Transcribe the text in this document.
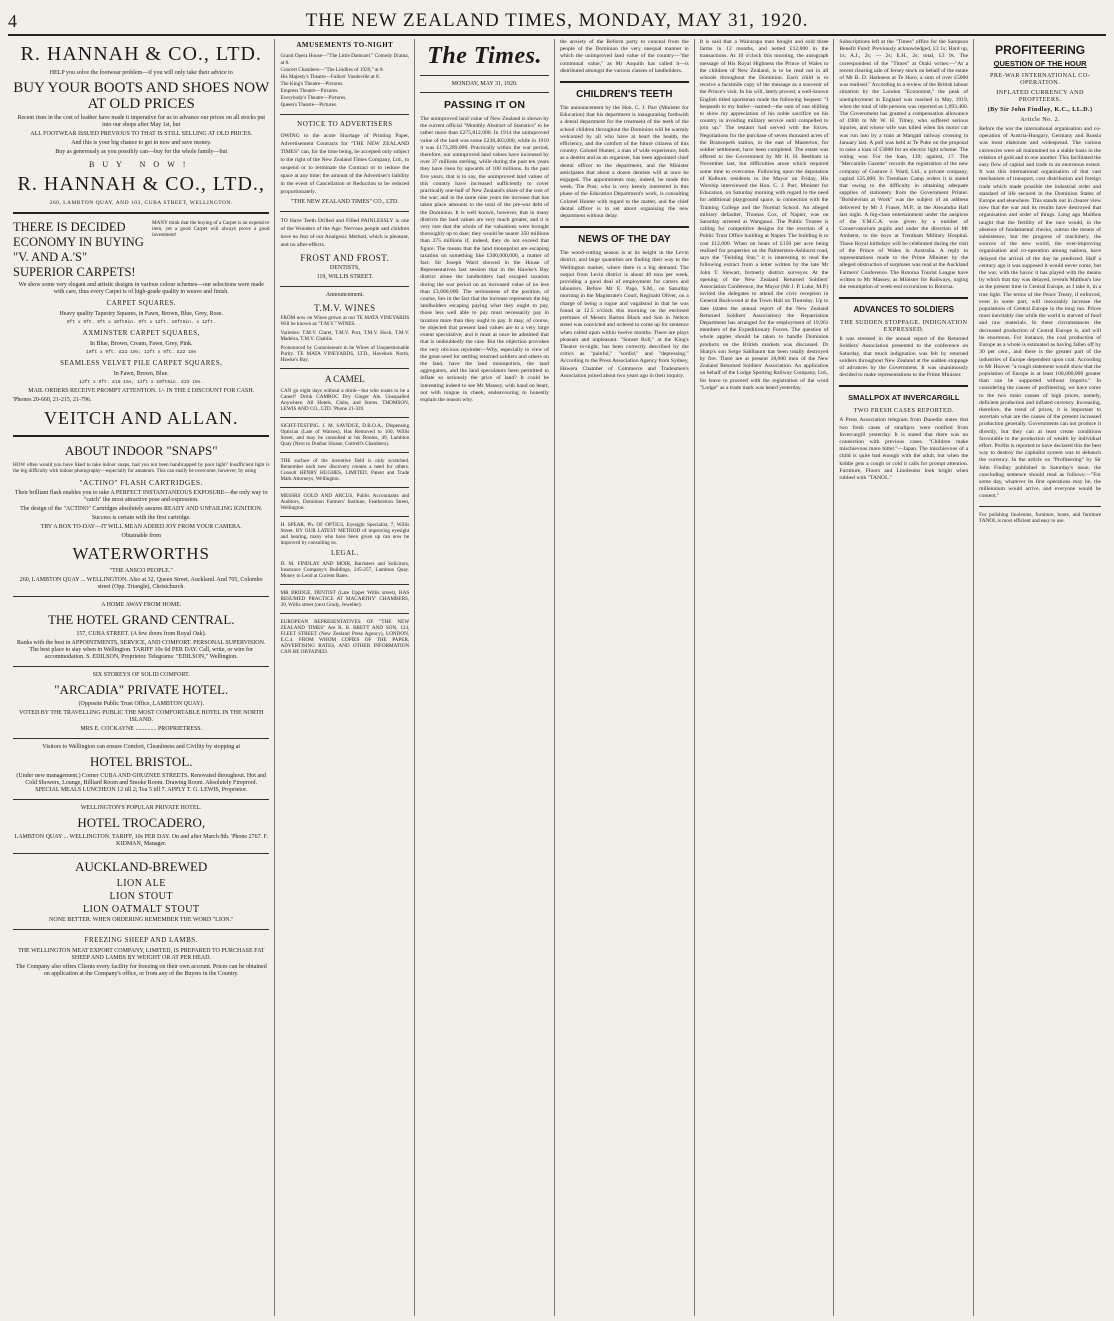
4	THE NEW ZEALAND TIMES, MONDAY, MAY 31, 1920.
R. HANNAH & CO., LTD.

HELP you solve the footwear problem—if you will only take their advice to

BUY YOUR BOOTS AND SHOES NOW AT OLD PRICES

Recent rises in the cost of leather have made it imperative for us to advance our prices on all stocks put into our shops after May 1st, but

ALL FOOTWEAR ISSUED PREVIOUS TO THAT IS STILL SELLING AT OLD PRICES.

And this is your big chance to get in now and save money.

Buy as generously as you possibly can—buy for the whole family—but

BUY NOW!
R. HANNAH & CO., LTD.,
260, LAMBTON QUAY, AND 103, CUBA STREET, WELLINGTON.
THERE IS DECIDED ECONOMY IN BUYING "V. AND A.'S" SUPERIOR CARPETS!

MANY think that the buying of a Carpet is an expensive item, yet a good Carpet will always prove a good investment!

We show some very elegant and artistic designs in various colour schemes—our selections were made with care, thus every Carpet is of high-grade quality in weave and finish.

CARPET SQUARES.

Heavy quality Tapestry Squares, in Fawn, Brown, Blue, Grey, Rose.

9ft x 9ft. 9ft x 10ft6in. 9ft x 12ft. 10ft6in. x 12ft.
AXMINSTER CARPET SQUARES,

In Blue, Brown, Cream, Fawn, Grey, Pink.

10ft x 9ft. £22 10s; 12ft x 9ft. £22 10s
SEAMLESS VELVET PILE CARPET SQUARES,

In Fawn, Brown, Blue.

12ft x 9ft. £19 15s; 12ft x 10ft6in. £23 10s.

MAIL ORDERS RECEIVE PROMPT ATTENTION. 1/- IN THE £ DISCOUNT FOR CASH.

'Phones 20-660, 21-215, 21-796.

VEITCH AND ALLAN.
ABOUT INDOOR "SNAPS"

HOW often would you have liked to take indoor snaps, had you not been handicapped by poor light? Insufficient light is the big difficulty with indoor photography—especially for amateurs. This can easily be overcome, however, by using

"ACTINO" FLASH CARTRIDGES.

Their brilliant flash enables you to take A PERFECT INSTANTANEOUS EXPOSURE—the only way to "catch" the most attractive pose and expression.

The design of the "ACTINO" Cartridges absolutely assures READY AND UNFAILING IGNITION.

Success is certain with the first cartridge.

TRY A BOX TO-DAY—IT WILL MEAN ADDED JOY FROM YOUR CAMERA.

Obtainable from

WATERWORTHS

"THE ANSCO PEOPLE."

260, LAMBTON QUAY ... WELLINGTON. Also at 32, Queen Street, Auckland. And 705, Colombo street (Opp. Triangle), Christchurch.

A HOME AWAY FROM HOME.

THE HOTEL GRAND CENTRAL.

157, CUBA STREET. (A few doors from Royal Oak).

Ranks with the best in APPOINTMENTS, SERVICE, AND COMFORT. PERSONAL SUPERVISION. The best place to stay when in Wellington. TARIFF 10s 6d PER DAY. Call, write, or wire for accommodation. S. EDILSON, Proprietor. Telegrams: "EDILSON," Wellington.

SIX STOREYS OF SOLID COMFORT.

"ARCADIA" PRIVATE HOTEL.

(Opposite Public Trust Office, LAMBTON QUAY).

VOTED BY THE TRAVELLING PUBLIC THE MOST COMFORTABLE HOTEL IN THE NORTH ISLAND.

MRS E. COCKAYNE .............. PROPRIETRESS.

Visitors to Wellington can ensure Comfort, Cleanliness and Civility by stopping at

HOTEL BRISTOL.

(Under new management.) Corner CUBA AND GHUZNEE STREETS. Renovated throughout. Hot and Cold Showers, Lounge, Billiard Room and Smoke Room. Drawing Room. Absolutely Fireproof. SPECIAL MEALS LUNCHEON 12 till 2; Tea 5 till 7. APPLY T. G. LEWIS, Proprietor.

WELLINGTON'S POPULAR PRIVATE HOTEL.

HOTEL TROCADERO,

LAMBTON QUAY ... WELLINGTON. TARIFF, 10s PER DAY. On and after March 8th. 'Phone 2767. F. KIDMAN, Manager.

AUCKLAND-BREWED
LION ALE
LION STOUT
LION OATMALT STOUT

NONE BETTER. WHEN ORDERING REMEMBER THE WORD "LION."

FREEZING SHEEP AND LAMBS.

THE WELLINGTON MEAT EXPORT COMPANY, LIMITED, IS PREPARED TO PURCHASE FAT SHEEP AND LAMBS BY WEIGHT OR AT PER HEAD.

The Company also offers Clients every facility for freezing on their own account. Prices can be obtained on application at the Company's office, or from any of the Buyers in the Country.

AMUSEMENTS TO-NIGHT

Grand Opera House—"The Little Damozel." Comedy Drama, at 8.

Concert Chambers—"The Lindlies of 1920," at 8.

His Majesty's Theatre—Fullers' Vaudeville at 8.

The King's Theatre—Pictures.

Empress Theatre—Pictures.

Everybody's Theatre—Pictures.

Queen's Theatre—Pictures.

NOTICE TO ADVERTISERS

OWING to the acute Shortage of Printing Paper, Advertisement Contracts for "THE NEW ZEALAND TIMES" can, for the time being, be accepted only subject to the right of the New Zealand Times Company, Ltd., to suspend or to terminate the Contract or to reduce the space at any time; the amount of the Advertiser's liability in the event of Cancellation or Reduction to be reduced proportionately.

"THE NEW ZEALAND TIMES" CO., LTD.

TO Have Teeth Drilled and Filled PAINLESSLY is one of the Wonders of the Age. Nervous people and children have no fear of our Analgesic Method, which is pleasant, and no after-effects.

FROST AND FROST.

DENTISTS,

119, WILLIS STREET.

Announcement.

T.M.V. WINES

FROM now on Wines grown at our TE MATA VINEYARDS Will be known as "T.M.V." WINES.

Varieties: T.M.V. Claret, T.M.V. Port, T.M.V. Hock, T.M.V. Madeira, T.M.V. Chablis.

Pronounced by Connoisseurs to be Wines of Unquestionable Purity. TE MATA VINEYARDS, LTD., Havelock North, Hawke's Bay.

A CAMEL

CAN go eight days without a drink—but who wants to be a Camel? Drink CAMROC Dry Ginger Ale. Unequalled Anywhere. All Hotels, Clubs, and Stores. THOMSON, LEWIS AND CO., LTD. 'Phone 21-339.

SIGHT-TESTING. J. M. SAVIDGE, D.B.O.A., Dispensing Optician (Late of Warnes), Has Removed to 100, Willis Street, and may be consulted at his Rooms, 49, Lambton Quay (Next to Dunbar Sloane, Cottrell's Chambers).

THE surface of the inventive field is only scratched. Remember each new discovery creates a need for others. Consult HENRY HUGHES, LIMITED, Patent and Trade Mark Attorneys, Wellington.

MESSRS GOLD AND ARCUS, Public Accountants and Auditors, Dominion Farmers' Institute, Featherston Street, Wellington.

H. SPEAR, Ph. OF OPTICS, Eyesight Specialist, 7, Willis Street. BY OUR LATEST METHOD of improving eyesight and hearing, many who have been given up can now be improved by consulting us.

LEGAL.

D. M. FINDLAY AND MOIR, Barristers and Solicitors, Insurance Company's Buildings, 245-257, Lambton Quay. Money to Lend at Current Rates.

MR BRIDGE, DENTIST (Late Upper Willis street), HAS RESUMED PRACTICE AT MACARTHY' CHAMBERS, 30, Willis street (next Grady, Jeweller).

EUROPEAN REPRESENTATIVES OF "THE NEW ZEALAND TIMES" Are R. B. BRETT AND SON, 124, FLEET STREET (New Zealand Press Agency), LONDON, E.C.4. FROM WHOM COPIES OF THE PAPER, ADVERTISING RATES, AND OTHER INFORMATION CAN BE OBTAINED.

The Times.
MONDAY, MAY 31, 1920.
PASSING IT ON

The unimproved land value of New Zealand is shown by the current official "Monthly Abstract of Statistics" to be rather more than £275,812,000. In 1914 the unimproved value of the land was some £238,403,000, while in 1910 it was £173,289,000. Practically within the war period, therefore, our unimproved land values have increased by over 37 millions sterling, while during the past ten years they have risen by upwards of 100 millions. In the past five years, that is to say, the unimproved land values of this country have increased sufficiently to cover practically one-half of New Zealand's share of the cost of the war; and in the same nine years the increase that has taken place amounts to the total of the pre-war debt of the Dominion. It is well known, however, that in many districts the land values are very much greater, and it is very rare that the whole of the valuations were brought thoroughly up to date; they would be nearer 350 millions than 275 millions if, indeed, they do not exceed that figure. The means that the land monopolist are escaping taxation on something like £300,000,000, a matter of fact. Sir Joseph Ward showed in the House of Representatives last session that in the Hawke's Bay district alone the landholders had escaped taxation during the war period on an increased value of no less than £3,000,000. The seriousness of the position, of course, lies in the fact that the increase represents the big landholders escaping paying what they ought to pay, those less well able to pay must necessarily pay in taxation more than they ought to pay. It may, of course, be objected that present land values are to a very large extent speculative; and it must at once be admitted that that is undoubtedly the case. But the objection provokes the very obvious rejoinder—Why, especially in view of the great need for settling returned soldiers and others on the land, have the land monopolists, the land aggregators, and the land speculators been permitted to inflate so seriously the price of land? It could be interesting indeed to see Mr Massey, with hand on heart, not with tongue in cheek, endeavouring to honestly explain the reason why.

the anxiety of the Reform party to conceal from the people of the Dominion the very unequal manner in which the unimproved land value of the country—"the communal value," as Mr Asquith has called it—is distributed amongst the various classes of landholders.

CHILDREN'S TEETH

The announcement by the Hon. C. J. Parr (Minister for Education) that his department is inaugurating forthwith a dental department for the treatment of the teeth of the school children throughout the Dominion will be warmly welcomed by all who have at heart the health, the efficiency, and the comfort of the future citizens of this country. Colonel Hunter, a man of wide experience, both as a dentist and as an organiser, has been appointed chief dental officer to the department, and the Minister anticipates that about a dozen dentists will at once be engaged. The appointments may, indeed, be made this week. The Post, who is very keenly interested in this phase of the Education Department's work, is consulting Colonel Hunter with regard to the matter, and the chief dental officer is to set about organising the new department without delay.

NEWS OF THE DAY

The wood-cutting season is at its height in the Levin district, and large quantities are finding their way to the Wellington market, where there is a big demand. The output from Levin district is about 40 tons per week, providing a good deal of employment for carters and labourers. Before Mr E. Page, S.M., on Saturday morning in the Magistrate's Court, Reginald Oliver, on a charge of being a rogue and vagabond in that he was found at 12.5 o'clock this morning on the enclosed premises of Messrs Barton Black and Son in Nelson street was convicted and ordered to come up for sentence when called upon within twelve months. There are plays pleasant and unpleasant. "Sunset Roll," at the King's Theatre to-night, has been correctly described by the critics as "painful," "sordid," and "depressing." According to the Press Association Agency from Sydney, Hawera Chamber of Commerce and Tradesmen's Association joined about two years ago in their inquiry.

It is said that a Wairarapa man bought and sold three farms in 12 months, and netted £12,000 in the transactions. At 10 o'clock this morning, the autograph message of His Royal Highness the Prince of Wales to the children of New Zealand, is to be read out in all schools throughout the Dominion. Each child is to receive a facsimile copy of the message as a souvenir of the Prince's visit. In his will, lately proved, a well-known English titled sportsman made the following bequest: "I bequeath to my butler—named—the sum of one shilling to show my appreciation of his noble sacrifice on his country in avoiding military service until compelled to join up." The testator had served with the forces. Negotiations for the purchase of seven thousand acres of the Brancepeth station, in the east of Masterton, for soldier settlement, have been completed. The estate was offered to the Government by Mr H. H. Beetham in November last, but difficulties arose which required some time to overcome. Following upon the deputation of Kelburn residents to the Mayor on Friday, His Worship interviewed the Hon. C. J. Parr, Minister for Education, on Saturday morning with regard to the need for additional playground space, in connection with the Training College and the Normal School. An alleged military defaulter, Thomas Cox, of Napier, was on Saturday arrested at Wanganui. The Public Trustee is calling for competitive designs for the erection of a Public Trust Office building at Napier. The building is to cost £12,000. When on heats of £150 per acre being realised for properties on the Palmerston-Ashhurst road, says the "Feilding Star," it is interesting to read the following extract from a letter written by the late Mr John T. Stewart, formerly district surveyor. At the opening of the New Zealand Returned Soldiers' Association Conference, the Mayor (Mr J. P. Luke, M.P.) invited the delegates to attend the civic reception in General Buckwood at the Town Hall on Thursday. Up to date (states the annual report of the New Zealand Returned Soldiers' Association) the Repatriation Department has arranged for the employment of 19,961 members of the Expeditionary Forces. The question of whole apples should be taken to handle Dominion products on the British markets was discussed. Dr Sharp's son Serge Sahlbaum has been totally destroyed by fire. There are at present 18,000 men of the New Zealand Returned Soldiers' Association. An application on behalf of the Lodge Sporting Railway Company, Ltd., for leave to proceed with the registration of the word "Lodge" as a trade mark was heard yesterday.

Subscriptions left at the "Times" office for the Sampson Benefit Fund: Previously acknowledged, £3 1s; Hard up, 1s; A.J., 2s; — 2s; E.H., 2s; total, £3 9s. The correspondent of the "Times" at Otaki writes:—"At a recent clearing sale of Jersey stock on behalf of the estate of Mr B. D. Harkness at Te Horo, a sum of over £5000 was realised." According to a review of the British labour situation by the London "Economist," the peak of unemployment in England was reached in May, 1919, when the total of idle persons was reported as 1,093,400. The Government has granted a compensation allowance of £900 to Mr W. H. Tilney, who suffered serious injuries, and whose wife was killed when his motor car was run into by a train at Mangati railway crossing in January last. A poll was held at Te Puke on the proposal to raise a loan of £3000 for an electric light scheme. The voting was: For the loan, 139; against, 17. The "Mercantile Gazette" records the registration of the new company of Gustave J. Ward, Ltd., a private company, capital £25,000. In Trentham Camp orders it is stated that owing to the difficulty in obtaining adequate supplies of stationery from the Government Printer. "Bolshevism at Work" was the subject of an address delivered by Mr J. Fraser, M.P., in the Alexandra Hall last night. A big-class entertainment under the auspices of the Y.M.C.A. was given by a number of Conservatorium pupils and under the direction of Mr Amherst, to the boys at Trentham Military Hospital. Those Royal birthdays will be celebrated during the visit of the Prince of Wales in Australia. A reply to representations made to the Prime Minister by the alleged obstruction of surpluses was read at the Auckland Farmers' Conference. The Rotorua Tourist League have written to Mr Massey, as Minister for Railways, urging the resumption of week-end excursions to Rotorua.

ADVANCES TO SOLDIERS
THE SUDDEN STOPPAGE. INDIGNATION EXPRESSED.

It was stressed in the annual report of the Returned Soldiers' Association presented to the conference on Saturday, that much indignation was felt by returned soldiers throughout New Zealand at the sudden stoppage of advances by the Government. It was unanimously decided to make representations to the Prime Minister.

SMALLPOX AT INVERCARGILL
TWO FRESH CASES REPORTED.

A Press Association telegram from Dunedin states that two fresh cases of smallpox were notified from Invercargill yesterday. It is stated that there was no connection with previous cases. "Children make mischievous more bitter."—Japan. The mischievous of a child is quite bad enough with the adult, but when the kiddie gets a cough or cold it calls for prompt attention. Furniture, Floors and Linoleums look bright when rubbed with "TANOL."

PROFITEERING
QUESTION OF THE HOUR
PRE-WAR INTERNATIONAL CO-OPERATION.
INFLATED CURRENCY AND PROFITEERS.
(By Sir John Findlay, K.C., LL.D.)
Article No. 2.

Before the war the international organisation and co-operation of Austria-Hungary, Germany and Russia was most elaborate and widespread. The various currencies were all maintained on a stable basis in the relation of gold and to one another. This facilitated the easy flow of capital and trade to an enormous extent. It was this international organisation of that vast mechanism of transport, cost distribution and foreign trade which made possible the industrial order and standard of life secured in the Dominion States of Europe and elsewhere. This stands out in clearer view now that the war and its results have destroyed that organisation and order of things. Long ago Malthus taught that the fertility of the race would, in the absence of fundamental checks, outrun the means of subsistence, but the progress of machinery, the sources of the new world, the ever-improving organisation and co-operation among nations, have delayed the arrival of the day he predicted. Half a century ago it was supposed it would never come, but the war, with the havoc it has played with the means by which that day was delayed, reveals Malthus's law as the present time in Central Europe, as I take it, in a true light. The terms of the Peace Treaty, if enforced, even in some part, will inexorably increase the populations of Central Europe in the long run. Prices must inevitably rise while the world is starved of food and raw materials. In these circumstances the decreased production of Central Europe is, and will be enormous. For instance, the coal production of Europe as a whole is estimated as having fallen off by 30 per cent., and there is the greater part of the industries of Europe dependent upon coal. According to Mr Hoover "a rough statement would show that the population of Europe is at least 100,000,000 greater than can be supported without imports." In considering the causes of profiteering, we have come to the two main causes of high prices, namely, deficient production and inflated currency. Increasing, therefore, the trend of prices, it is important to ascertain what are the causes of the present increased production generally. Governments can not produce it directly, but they can at least create conditions favourable to the production of wealth by individual effort. Profits is reported to have declared this the best way to destroy the capitalist system was to debauch the currency. In the article on "Profiteering" by Sir John Findlay published in Saturday's issue, the concluding sentence should read as follows:—"For some day, whatever its first operations may be, the millennium would arrive, and everyone would be content."

For polishing linoleums, furniture, boots, and furniture TANOL is most efficient and easy to use.
